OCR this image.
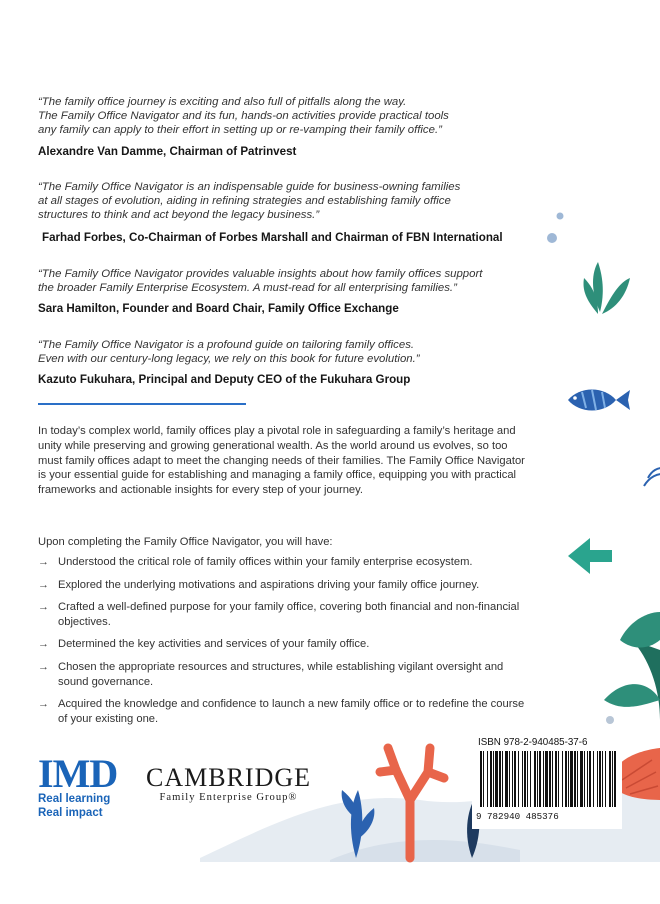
“The family office journey is exciting and also full of pitfalls along the way.
The Family Office Navigator and its fun, hands-on activities provide practical tools
any family can apply to their effort in setting up or re-vamping their family office.”
Alexandre Van Damme, Chairman of Patrinvest
“The Family Office Navigator is an indispensable guide for business-owning families
at all stages of evolution, aiding in refining strategies and establishing family office
structures to think and act beyond the legacy business.”
Farhad Forbes, Co-Chairman of Forbes Marshall and Chairman of FBN International
“The Family Office Navigator provides valuable insights about how family offices support
the broader Family Enterprise Ecosystem. A must-read for all enterprising families.”
Sara Hamilton, Founder and Board Chair, Family Office Exchange
“The Family Office Navigator is a profound guide on tailoring family offices.
Even with our century-long legacy, we rely on this book for future evolution.”
Kazuto Fukuhara, Principal and Deputy CEO of the Fukuhara Group
In today’s complex world, family offices play a pivotal role in safeguarding a family’s heritage and unity while preserving and growing generational wealth. As the world around us evolves, so too must family offices adapt to meet the changing needs of their families. The Family Office Navigator is your essential guide for establishing and managing a family office, equipping you with practical frameworks and actionable insights for every step of your journey.
Upon completing the Family Office Navigator, you will have:
→ Understood the critical role of family offices within your family enterprise ecosystem.
→ Explored the underlying motivations and aspirations driving your family office journey.
→ Crafted a well-defined purpose for your family office, covering both financial and non-financial objectives.
→ Determined the key activities and services of your family office.
→ Chosen the appropriate resources and structures, while establishing vigilant oversight and sound governance.
→ Acquired the knowledge and confidence to launch a new family office or to redefine the course of your existing one.
IMD
Real learning
Real impact
CAMBRIDGE
Family Enterprise Group®
ISBN 978-2-940485-37-6
9 782940 485376
